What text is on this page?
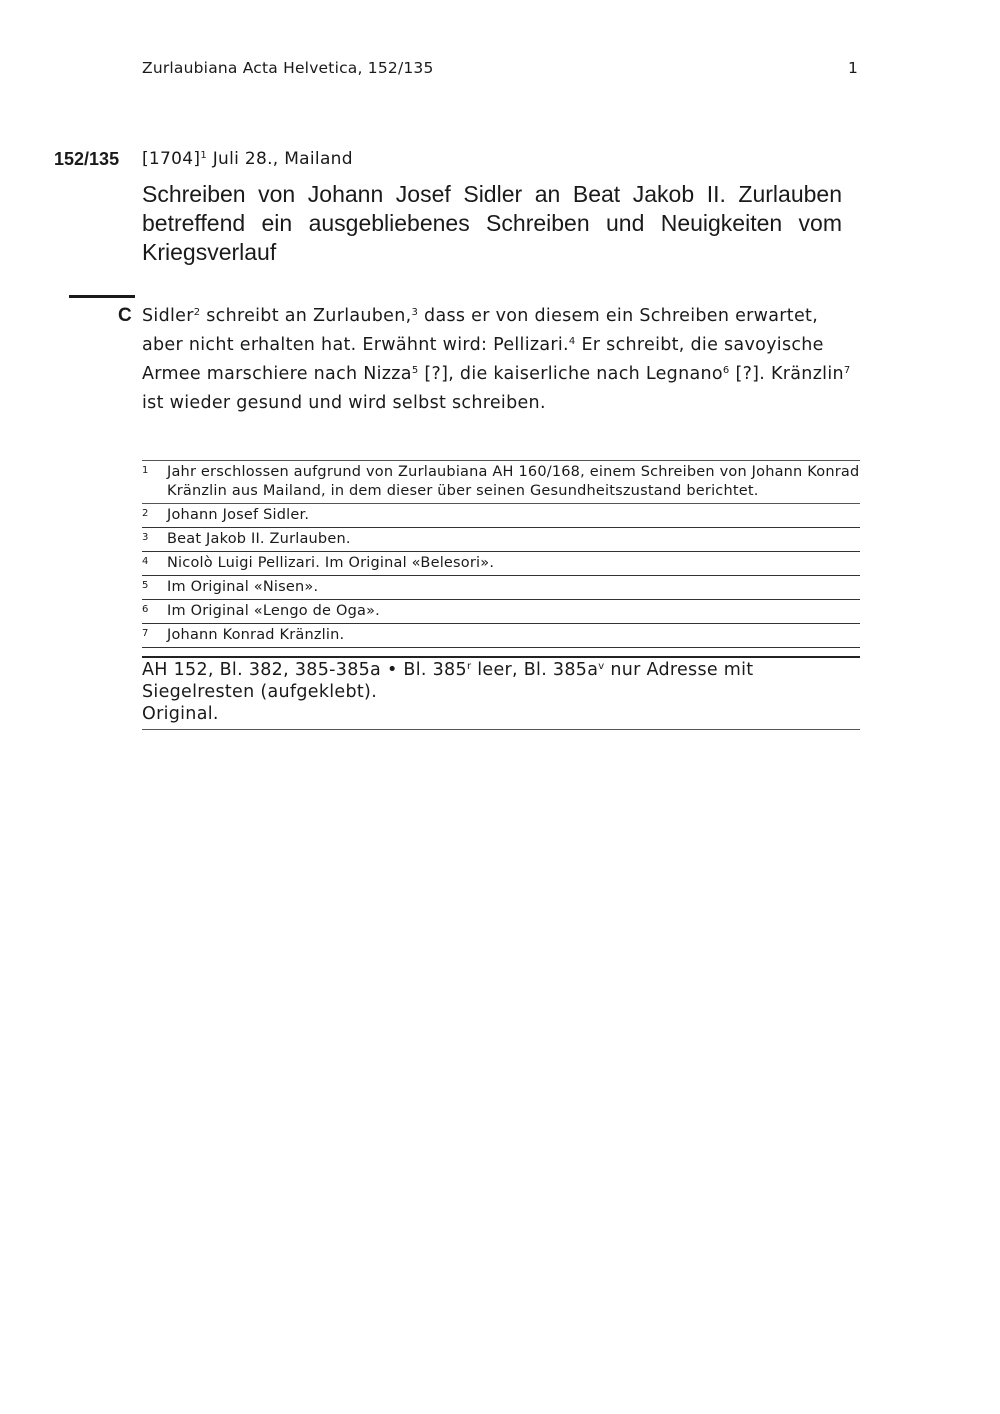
Zurlaubiana Acta Helvetica, 152/135	1
152/135 $[1704]^1$ Juli 28., Mailand
Schreiben von Johann Josef Sidler an Beat Jakob II. Zurlauben betreffend ein ausgebliebenes Schreiben und Neuigkeiten vom Kriegsverlauf
C Sidler$^2$ schreibt an Zurlauben,$^3$ dass er von diesem ein Schreiben erwartet, aber nicht erhalten hat. Erwähnt wird: Pellizari.$^4$ Er schreibt, die savoyische Armee marschiere nach Nizza$^5$ [?], die kaiserliche nach Legnano$^6$ [?]. Kränzlin$^7$ ist wieder gesund und wird selbst schreiben.
1 Jahr erschlossen aufgrund von Zurlaubiana AH 160/168, einem Schreiben von Johann Konrad Kränzlin aus Mailand, in dem dieser über seinen Gesundheitszustand berichtet.
2 Johann Josef Sidler.
3 Beat Jakob II. Zurlauben.
4 Nicolò Luigi Pellizari. Im Original «Belesori».
5 Im Original «Nisen».
6 Im Original «Lengo de Oga».
7 Johann Konrad Kränzlin.
AH 152, Bl. 382, 385-385a • Bl. 385$^r$ leer, Bl. $385a^v$ nur Adresse mit Siegelresten (aufgeklebt).
Original.
